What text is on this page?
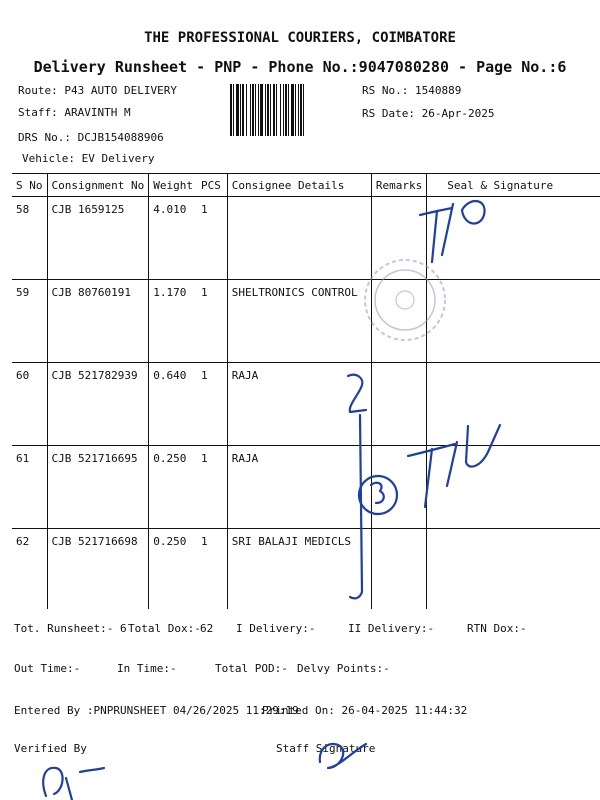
THE PROFESSIONAL COURIERS, COIMBATORE
Delivery Runsheet - PNP - Phone No.:9047080280 - Page No.:6
Route: P43 AUTO DELIVERY
Staff: ARAVINTH M
DRS No.: DCJB154088906
Vehicle: EV Delivery
RS No.: 1540889
RS Date: 26-Apr-2025
S No	Consignment No	Weight	PCS	Consignee Details	Remarks	Seal & Signature
58	CJB 1659125	4.010	1			
59	CJB 80760191	1.170	1	SHELTRONICS CONTROL		
60	CJB 521782939	0.640	1	RAJA		
61	CJB 521716695	0.250	1	RAJA		
62	CJB 521716698	0.250	1	SRI BALAJI MEDICLS		
Tot. Runsheet:- 6 Total Dox:- 62 I Delivery:-	II Delivery:-	RTN Dox:-
Out Time:-	In Time:-	Total POD:- Delvy Points:-
Entered By :PNPRUNSHEET 04/26/2025 11:29:19
Printed On: 26-04-2025 11:44:32
Verified By	Staff Signature
